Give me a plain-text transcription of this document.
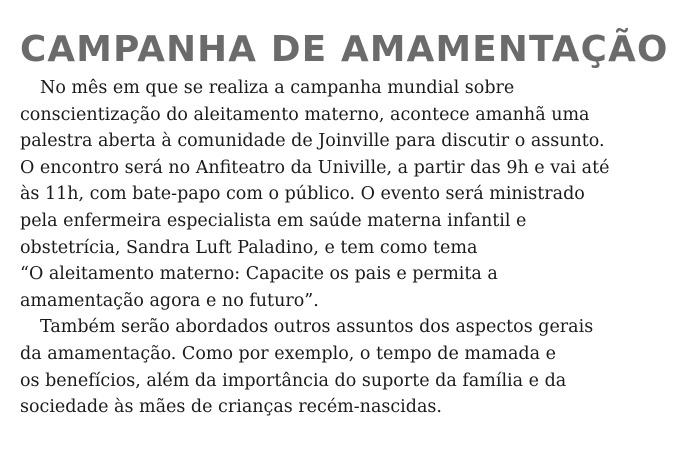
CAMPANHA DE AMAMENTAÇÃO

No mês em que se realiza a campanha mundial sobre
conscientização do aleitamento materno, acontece amanhã uma
palestra aberta à comunidade de Joinville para discutir o assunto.
O encontro será no Anfiteatro da Univille, a partir das 9h e vai até
às 11h, com bate-papo com o público. O evento será ministrado
pela enfermeira especialista em saúde materna infantil e
obstetrícia, Sandra Luft Paladino, e tem como tema
“O aleitamento materno: Capacite os pais e permita a
amamentação agora e no futuro”.

Também serão abordados outros assuntos dos aspectos gerais
da amamentação. Como por exemplo, o tempo de mamada e
os benefícios, além da importância do suporte da família e da
sociedade às mães de crianças recém-nascidas.
